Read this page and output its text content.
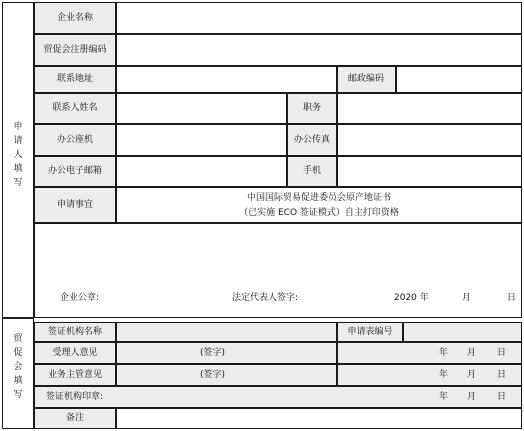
申请人填写
贸促会填写
企业名称
贸促会注册编码
联系地址	邮政编码
联系人姓名	职务
办公座机	办公传真
办公电子邮箱	手机
申请事宜
中国国际贸易促进委员会原产地证书
（已实施 ECO 签证模式）自主打印资格
企业公章:	法定代表人签字:	2020 年	月	日
签证机构名称	申请表编号
受理人意见	(签字)	年 月 日
业务主管意见	(签字)	年 月 日
签证机构印章:	年 月 日
备注
